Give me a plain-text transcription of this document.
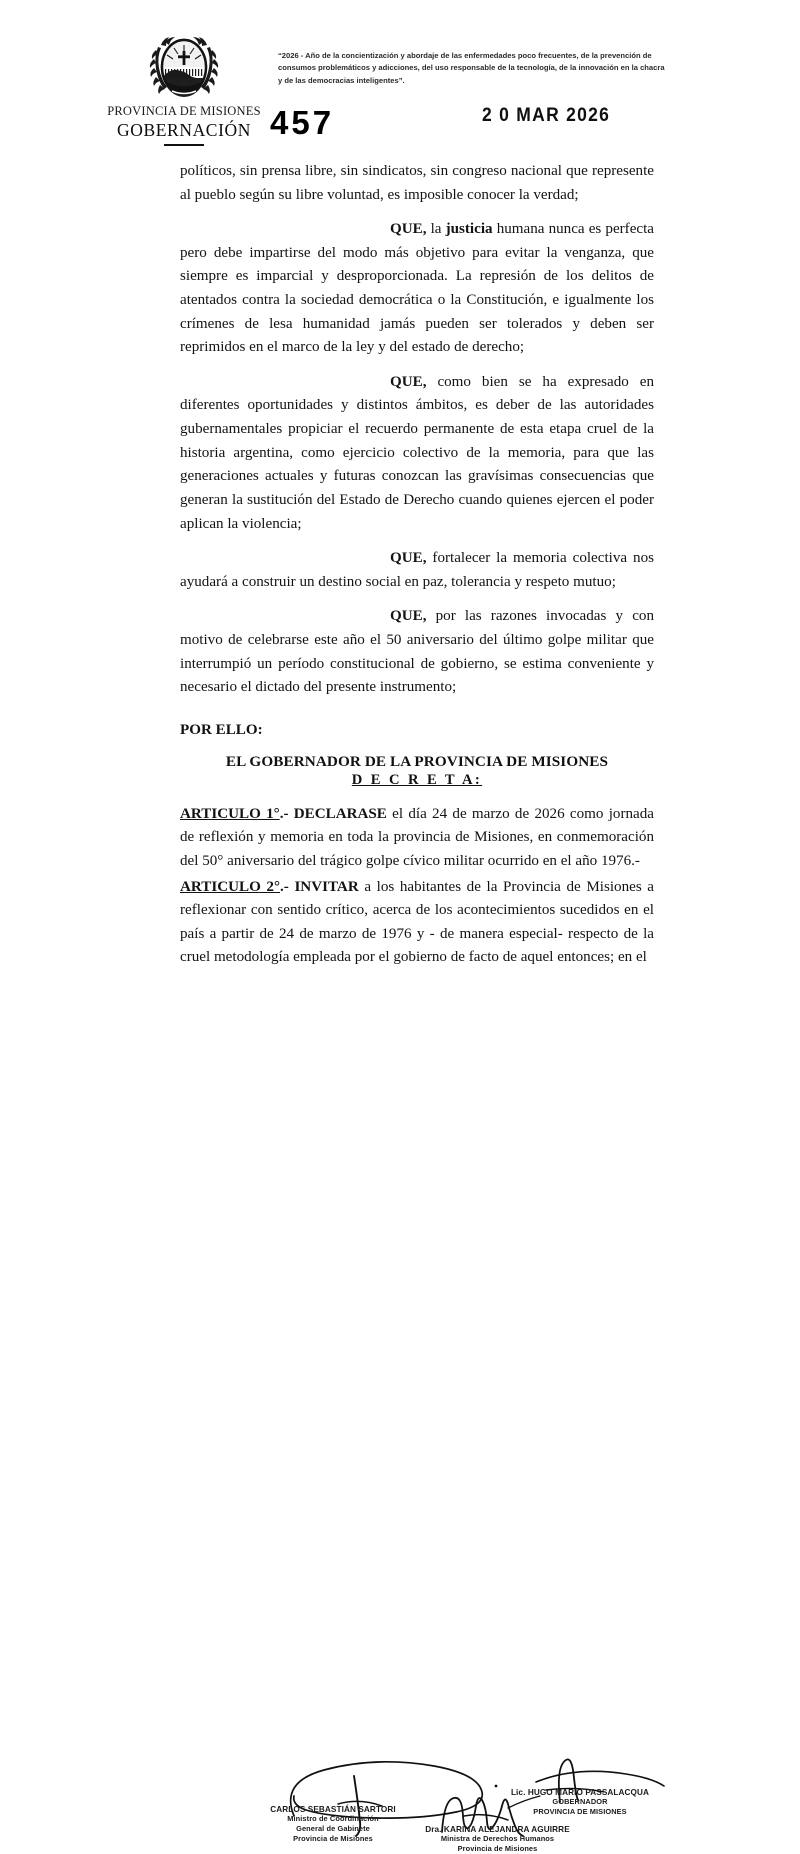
PROVINCIA DE MISIONES
GOBERNACIÓN
“2026 - Año de la concientización y abordaje de las enfermedades poco frecuentes, de la prevención de consumos problemáticos y adicciones, del uso responsable de la tecnología, de la innovación en la chacra y de las democracias inteligentes”.
457	2 0 MAR 2026

políticos, sin prensa libre, sin sindicatos, sin congreso nacional que represente al pueblo según su libre voluntad, es imposible conocer la verdad;

QUE, la justicia humana nunca es perfecta pero debe impartirse del modo más objetivo para evitar la venganza, que siempre es imparcial y desproporcionada. La represión de los delitos de atentados contra la sociedad democrática o la Constitución, e igualmente los crímenes de lesa humanidad jamás pueden ser tolerados y deben ser reprimidos en el marco de la ley y del estado de derecho;

QUE, como bien se ha expresado en diferentes oportunidades y distintos ámbitos, es deber de las autoridades gubernamentales propiciar el recuerdo permanente de esta etapa cruel de la historia argentina, como ejercicio colectivo de la memoria, para que las generaciones actuales y futuras conozcan las gravísimas consecuencias que generan la sustitución del Estado de Derecho cuando quienes ejercen el poder aplican la violencia;

QUE, fortalecer la memoria colectiva nos ayudará a construir un destino social en paz, tolerancia y respeto mutuo;

QUE, por las razones invocadas y con motivo de celebrarse este año el 50 aniversario del último golpe militar que interrumpió un período constitucional de gobierno, se estima conveniente y necesario el dictado del presente instrumento;

POR ELLO:
EL GOBERNADOR DE LA PROVINCIA DE MISIONES
D E C R E T A:

ARTICULO 1°.- DECLARASE el día 24 de marzo de 2026 como jornada de reflexión y memoria en toda la provincia de Misiones, en conmemoración del 50° aniversario del trágico golpe cívico militar ocurrido en el año 1976.-

ARTICULO 2°.- INVITAR a los habitantes de la Provincia de Misiones a reflexionar con sentido crítico, acerca de los acontecimientos sucedidos en el país a partir de 24 de marzo de 1976 y - de manera especial- respecto de la cruel metodología empleada por el gobierno de facto de aquel entonces; en el

CARLOS SEBASTIÁN SARTORI
Ministro de Coordinación
General de Gabinete
Provincia de Misiones
Dra. KARINA ALEJANDRA AGUIRRE
Ministra de Derechos Humanos
Provincia de Misiones
Lic. HUGO MARIO PASSALACQUA
GOBERNADOR
PROVINCIA DE MISIONES
